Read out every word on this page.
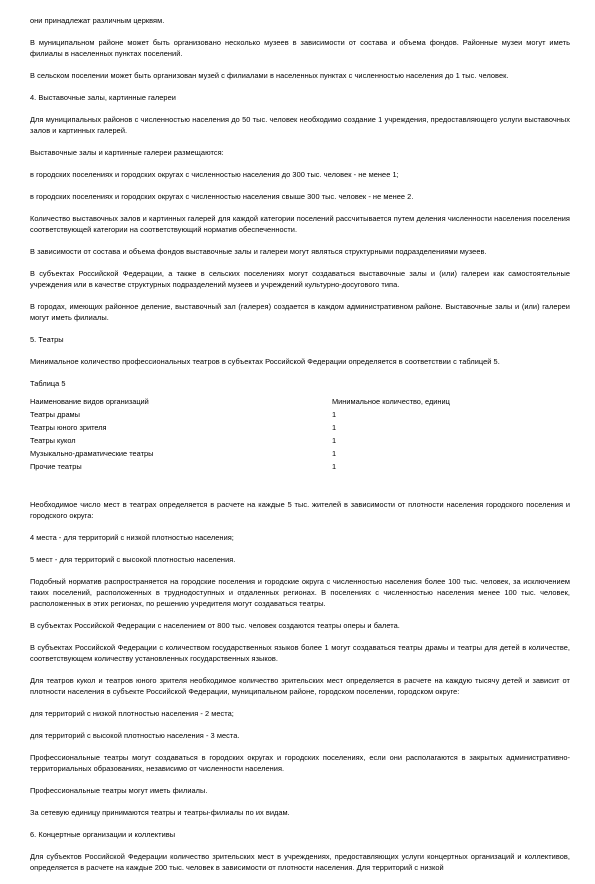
они принадлежат различным церквям.

В муниципальном районе может быть организовано несколько музеев в зависимости от состава и объема фондов. Районные музеи могут иметь филиалы в населенных пунктах поселений.

В сельском поселении может быть организован музей с филиалами в населенных пунктах с численностью населения до 1 тыс. человек.

4. Выставочные залы, картинные галереи

Для муниципальных районов с численностью населения до 50 тыс. человек необходимо создание 1 учреждения, предоставляющего услуги выставочных залов и картинных галерей.

Выставочные залы и картинные галереи размещаются:

в городских поселениях и городских округах с численностью населения до 300 тыс. человек - не менее 1;

в городских поселениях и городских округах с численностью населения свыше 300 тыс. человек - не менее 2.

Количество выставочных залов и картинных галерей для каждой категории поселений рассчитывается путем деления численности населения поселения соответствующей категории на соответствующий норматив обеспеченности.

В зависимости от состава и объема фондов выставочные залы и галереи могут являться структурными подразделениями музеев.

В субъектах Российской Федерации, а также в сельских поселениях могут создаваться выставочные залы и (или) галереи как самостоятельные учреждения или в качестве структурных подразделений музеев и учреждений культурно-досугового типа.

В городах, имеющих районное деление, выставочный зал (галерея) создается в каждом административном районе. Выставочные залы и (или) галереи могут иметь филиалы.

5. Театры

Минимальное количество профессиональных театров в субъектах Российской Федерации определяется в соответствии с таблицей 5.

Таблица 5

Наименование видов организаций	Минимальное количество, единиц
Театры драмы	1
Театры юного зрителя	1
Театры кукол	1
Музыкально-драматические театры	1
Прочие театры	1

Необходимое число мест в театрах определяется в расчете на каждые 5 тыс. жителей в зависимости от плотности населения городского поселения и городского округа:

4 места - для территорий с низкой плотностью населения;

5 мест - для территорий с высокой плотностью населения.

Подобный норматив распространяется на городские поселения и городские округа с численностью населения более 100 тыс. человек, за исключением таких поселений, расположенных в труднодоступных и отдаленных регионах. В поселениях с численностью населения менее 100 тыс. человек, расположенных в этих регионах, по решению учредителя могут создаваться театры.

В субъектах Российской Федерации с населением от 800 тыс. человек создаются театры оперы и балета.

В субъектах Российской Федерации с количеством государственных языков более 1 могут создаваться театры драмы и театры для детей в количестве, соответствующем количеству установленных государственных языков.

Для театров кукол и театров юного зрителя необходимое количество зрительских мест определяется в расчете на каждую тысячу детей и зависит от плотности населения в субъекте Российской Федерации, муниципальном районе, городском поселении, городском округе:

для территорий с низкой плотностью населения - 2 места;

для территорий с высокой плотностью населения - 3 места.

Профессиональные театры могут создаваться в городских округах и городских поселениях, если они располагаются в закрытых административно-территориальных образованиях, независимо от численности населения.

Профессиональные театры могут иметь филиалы.

За сетевую единицу принимаются театры и театры-филиалы по их видам.

6. Концертные организации и коллективы

Для субъектов Российской Федерации количество зрительских мест в учреждениях, предоставляющих услуги концертных организаций и коллективов, определяется в расчете на каждые 200 тыс. человек в зависимости от плотности населения. Для территорий с низкой
